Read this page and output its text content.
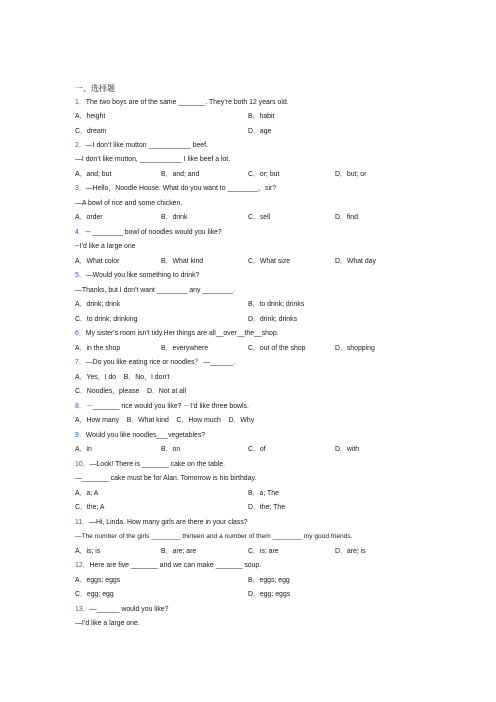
一、选择题
1．The two boys are of the same _______. They’re both 12 years old.
A．height	B．habit
C．dream	D．age
2．—I don’t like mutton ___________ beef.
—I don’t like mutton, ___________ I like beef a lot.
A．and; but	B．and; and	C．or; but	D．but; or
3．—Hello，Noodle House. What do you want to ________，sir?
—A bowl of rice and some chicken.
A．order	B．drink	C．sell	D．find
4．-- ________ bowl of noodles would you like?
--I’d like a large one
A．What color	B．What kind	C．What size	D．What day
5．—Would you like something to drink?
—Thanks, but I don't want ________ any ________.
A．drink; drink	B．to drink; drinks
C．to drink; drinking	D．drink; drinks
6．My sister's room isn't tidy.Her things are all__over__the__shop.
A．in the shop	B．everywhere	C．out of the shop	D．shopping
7．—Do you like eating rice or noodles？ —______.
A．Yes，I do    B．No，I don't
C．Noodles，please    D．Not at all
8．－_______ rice would you like? －I’d like three bowls.
A．How many    B．What kind    C．How much    D．Why
9．Would you like noodles___vegetables?
A．in	B．on	C．of	D．with
10．—Look! There is _______ cake on the table.
—_______ cake must be for Alan. Tomorrow is his birthday.
A．a; A	B．a; The
C．the; A	D．the; The
11．—Hi, Linda. How many girls are there in your class?
—The number of the girls ________ thirteen and a number of them ________ my good friends.
A．is; is	B．are; are	C．is; are	D．are; is
12．Here are five _______ and we can make _______ soup.
A．eggs; eggs	B．eggs; egg
C．egg; egg	D．egg; eggs
13．—______ would you like?
—I’d like a large one.
